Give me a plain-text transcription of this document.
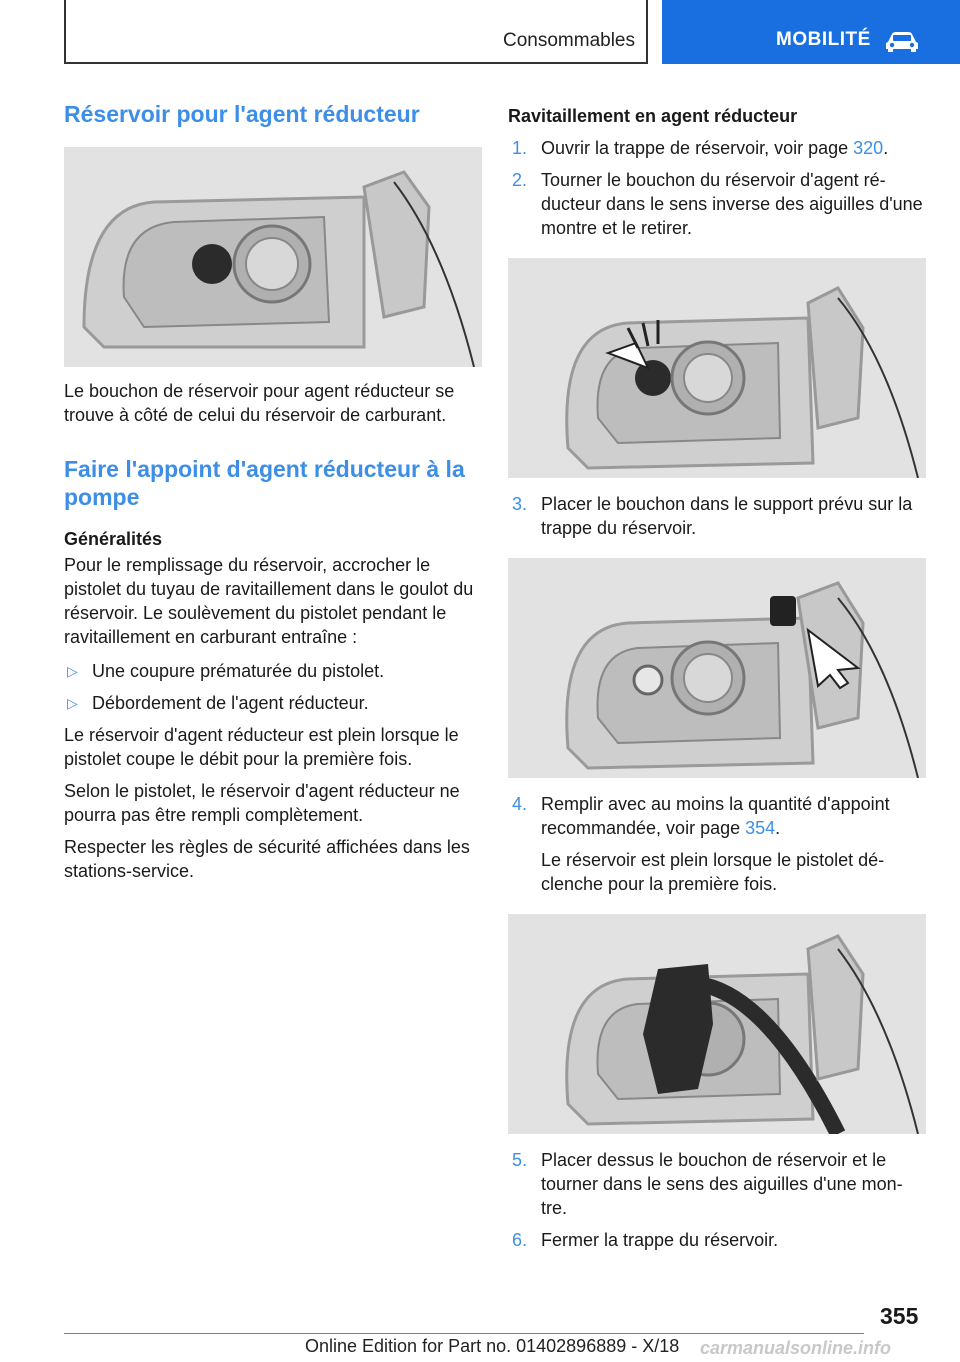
Consommables	MOBILITÉ
Réservoir pour l'agent réducteur

Le bouchon de réservoir pour agent réducteur se trouve à côté de celui du réservoir de carburant.

Faire l'appoint d'agent réducteur à la pompe
Généralités

Pour le remplissage du réservoir, accrocher le pistolet du tuyau de ravitaillement dans le goulot du réservoir. Le soulèvement du pistolet pendant le ravitaillement en carburant entraîne :

▷ Une coupure prématurée du pistolet.
▷ Débordement de l'agent réducteur.

Le réservoir d'agent réducteur est plein lorsque le pistolet coupe le débit pour la première fois.

Selon le pistolet, le réservoir d'agent réducteur ne pourra pas être rempli complètement.

Respecter les règles de sécurité affichées dans les stations-service.

Ravitaillement en agent réducteur
1. Ouvrir la trappe de réservoir, voir page 320.
2. Tourner le bouchon du réservoir d'agent ré‐ducteur dans le sens inverse des aiguilles d'une montre et le retirer.
3. Placer le bouchon dans le support prévu sur la trappe du réservoir.
4. Remplir avec au moins la quantité d'appoint recommandée, voir page 354.
Le réservoir est plein lorsque le pistolet dé‐clenche pour la première fois.
5. Placer dessus le bouchon de réservoir et le tourner dans le sens des aiguilles d'une mon‐tre.
6. Fermer la trappe du réservoir.
355
Online Edition for Part no. 01402896889 - X/18 carmanualsonline.info
